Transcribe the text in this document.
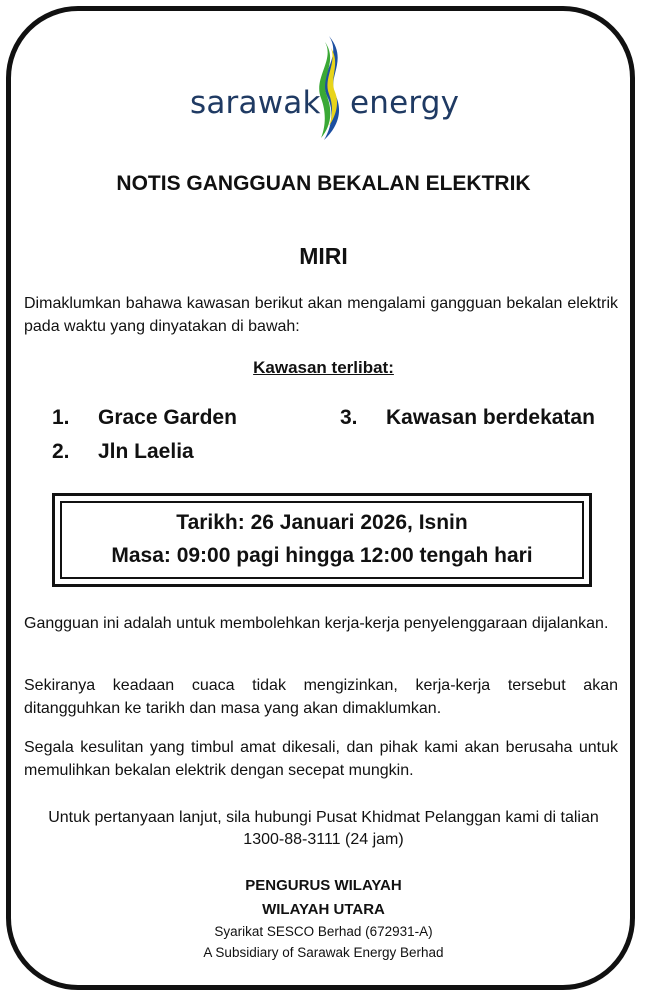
sarawak energy
NOTIS GANGGUAN BEKALAN ELEKTRIK
MIRI
Dimaklumkan bahawa kawasan berikut akan mengalami gangguan bekalan elektrik pada waktu yang dinyatakan di bawah:
Kawasan terlibat:
1. Grace Garden
2. Jln Laelia
3. Kawasan berdekatan
Tarikh: 26 Januari 2026, Isnin
Masa: 09:00 pagi hingga 12:00 tengah hari
Gangguan ini adalah untuk membolehkan kerja-kerja penyelenggaraan dijalankan.
Sekiranya keadaan cuaca tidak mengizinkan, kerja-kerja tersebut akan ditangguhkan ke tarikh dan masa yang akan dimaklumkan.
Segala kesulitan yang timbul amat dikesali, dan pihak kami akan berusaha untuk memulihkan bekalan elektrik dengan secepat mungkin.
Untuk pertanyaan lanjut, sila hubungi Pusat Khidmat Pelanggan kami di talian
1300-88-3111 (24 jam)
PENGURUS WILAYAH
WILAYAH UTARA
Syarikat SESCO Berhad (672931-A)
A Subsidiary of Sarawak Energy Berhad
